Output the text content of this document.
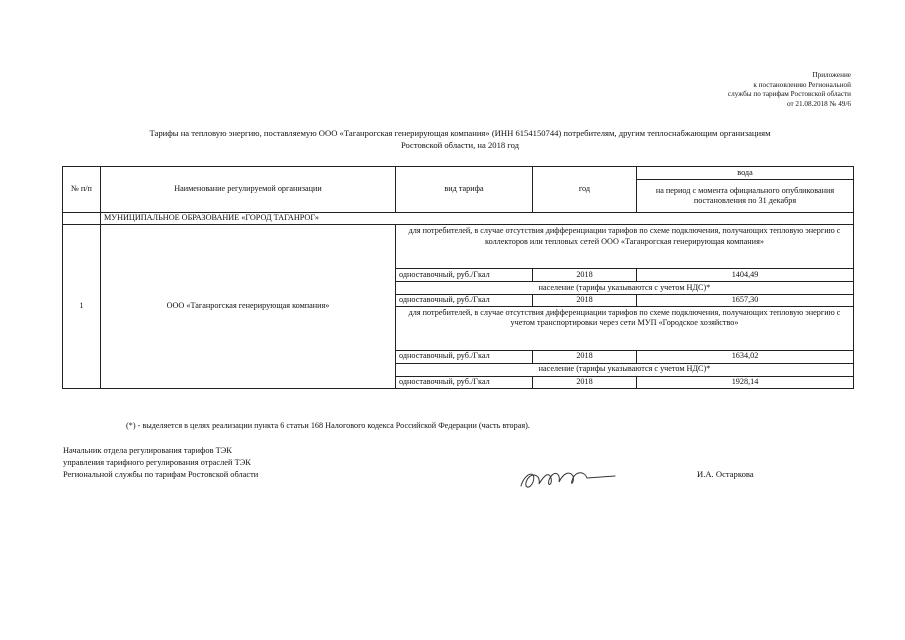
Приложение
к постановлению Региональной
службы по тарифам Ростовской области
от 21.08.2018 № 49/6
Тарифы на тепловую энергию, поставляемую ООО «Таганрогская генерирующая компания» (ИНН 6154150744) потребителям, другим теплоснабжающим организациям
Ростовской области, на 2018 год
№ п/п	Наименование регулируемой организации	вид тарифа	год	вода
				на период с момента официального опубликования постановления по 31 декабря
	МУНИЦИПАЛЬНОЕ ОБРАЗОВАНИЕ «ГОРОД ТАГАНРОГ»			
1	ООО «Таганрогская генерирующая компания»	для потребителей, в случае отсутствия дифференциации тарифов по схеме подключения, получающих тепловую энергию с коллекторов или тепловых сетей ООО «Таганрогская генерирующая компания»		
		одноставочный, руб./Гкал	2018	1404,49
		население (тарифы указываются с учетом НДС)*		
		одноставочный, руб./Гкал	2018	1657,30
		для потребителей, в случае отсутствия дифференциации тарифов по схеме подключения, получающих тепловую энергию с учетом транспортировки через сети МУП «Городское хозяйство»		
		одноставочный, руб./Гкал	2018	1634,02
		население (тарифы указываются с учетом НДС)*		
		одноставочный, руб./Гкал	2018	1928,14
(*) - выделяется в целях реализации пункта 6 статьи 168 Налогового кодекса Российской Федерации (часть вторая).
Начальник отдела регулирования тарифов ТЭК
управления тарифного регулирования отраслей ТЭК
Региональной службы по тарифам Ростовской области	И.А. Остаркова
